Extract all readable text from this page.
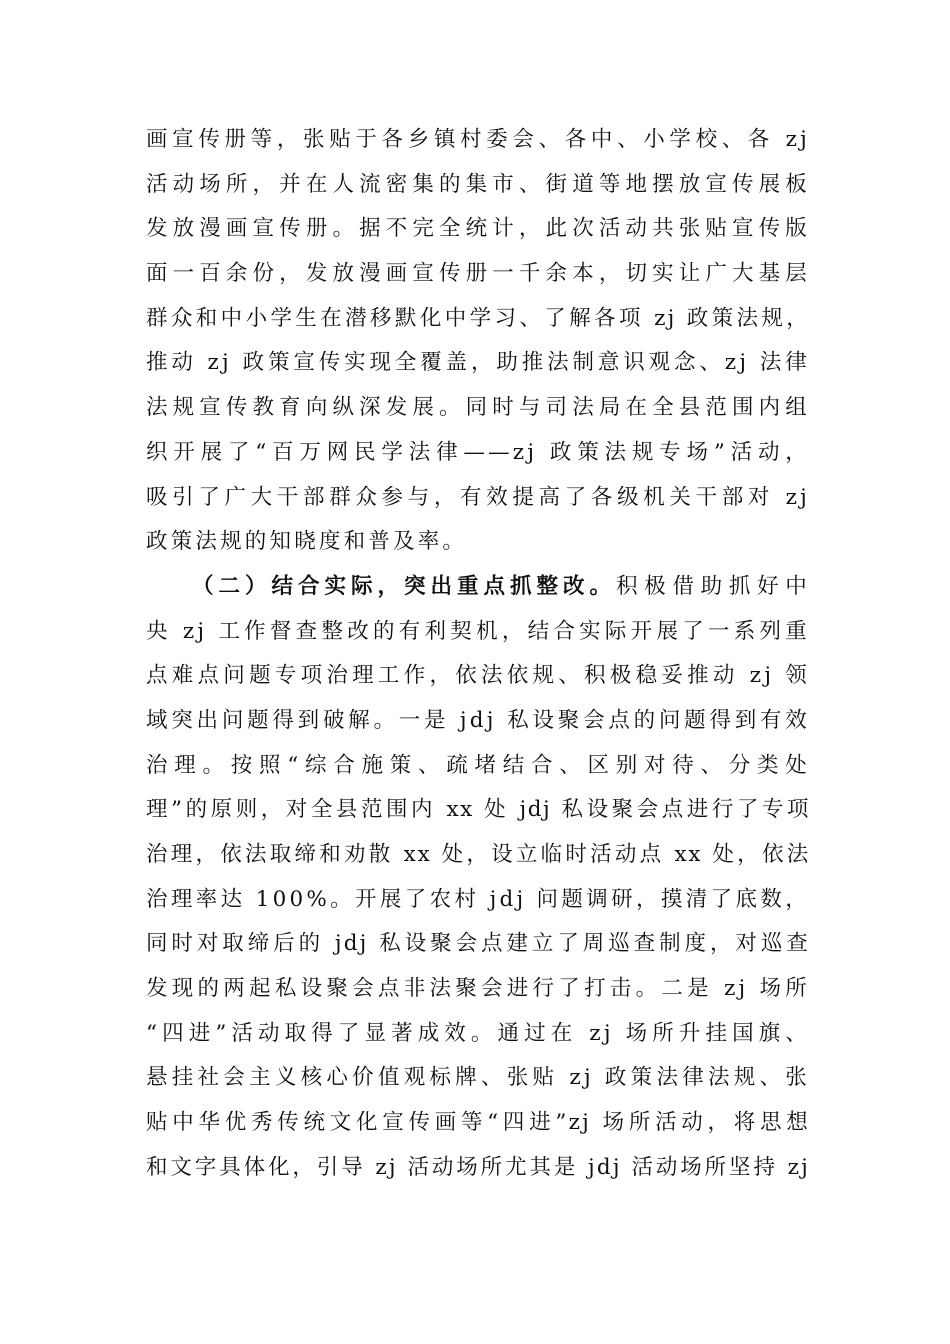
画宣传册等，张贴于各乡镇村委会、各中、小学校、各 zj
活动场所，并在人流密集的集市、街道等地摆放宣传展板
发放漫画宣传册。据不完全统计，此次活动共张贴宣传版
面一百余份，发放漫画宣传册一千余本，切实让广大基层
群众和中小学生在潜移默化中学习、了解各项 zj 政策法规，
推动 zj 政策宣传实现全覆盖，助推法制意识观念、zj 法律
法规宣传教育向纵深发展。同时与司法局在全县范围内组
织开展了“百万网民学法律——zj 政策法规专场”活动，
吸引了广大干部群众参与，有效提高了各级机关干部对 zj
政策法规的知晓度和普及率。
（二）结合实际，突出重点抓整改。积极借助抓好中
央 zj 工作督查整改的有利契机，结合实际开展了一系列重
点难点问题专项治理工作，依法依规、积极稳妥推动 zj 领
域突出问题得到破解。一是 jdj 私设聚会点的问题得到有效
治理。按照“综合施策、疏堵结合、区别对待、分类处
理”的原则，对全县范围内 xx 处 jdj 私设聚会点进行了专项
治理，依法取缔和劝散 xx 处，设立临时活动点 xx 处，依法
治理率达 100%。开展了农村 jdj 问题调研，摸清了底数，
同时对取缔后的 jdj 私设聚会点建立了周巡查制度，对巡查
发现的两起私设聚会点非法聚会进行了打击。二是 zj 场所
“四进”活动取得了显著成效。通过在 zj 场所升挂国旗、
悬挂社会主义核心价值观标牌、张贴 zj 政策法律法规、张
贴中华优秀传统文化宣传画等“四进”zj 场所活动，将思想
和文字具体化，引导 zj 活动场所尤其是 jdj 活动场所坚持 zj
